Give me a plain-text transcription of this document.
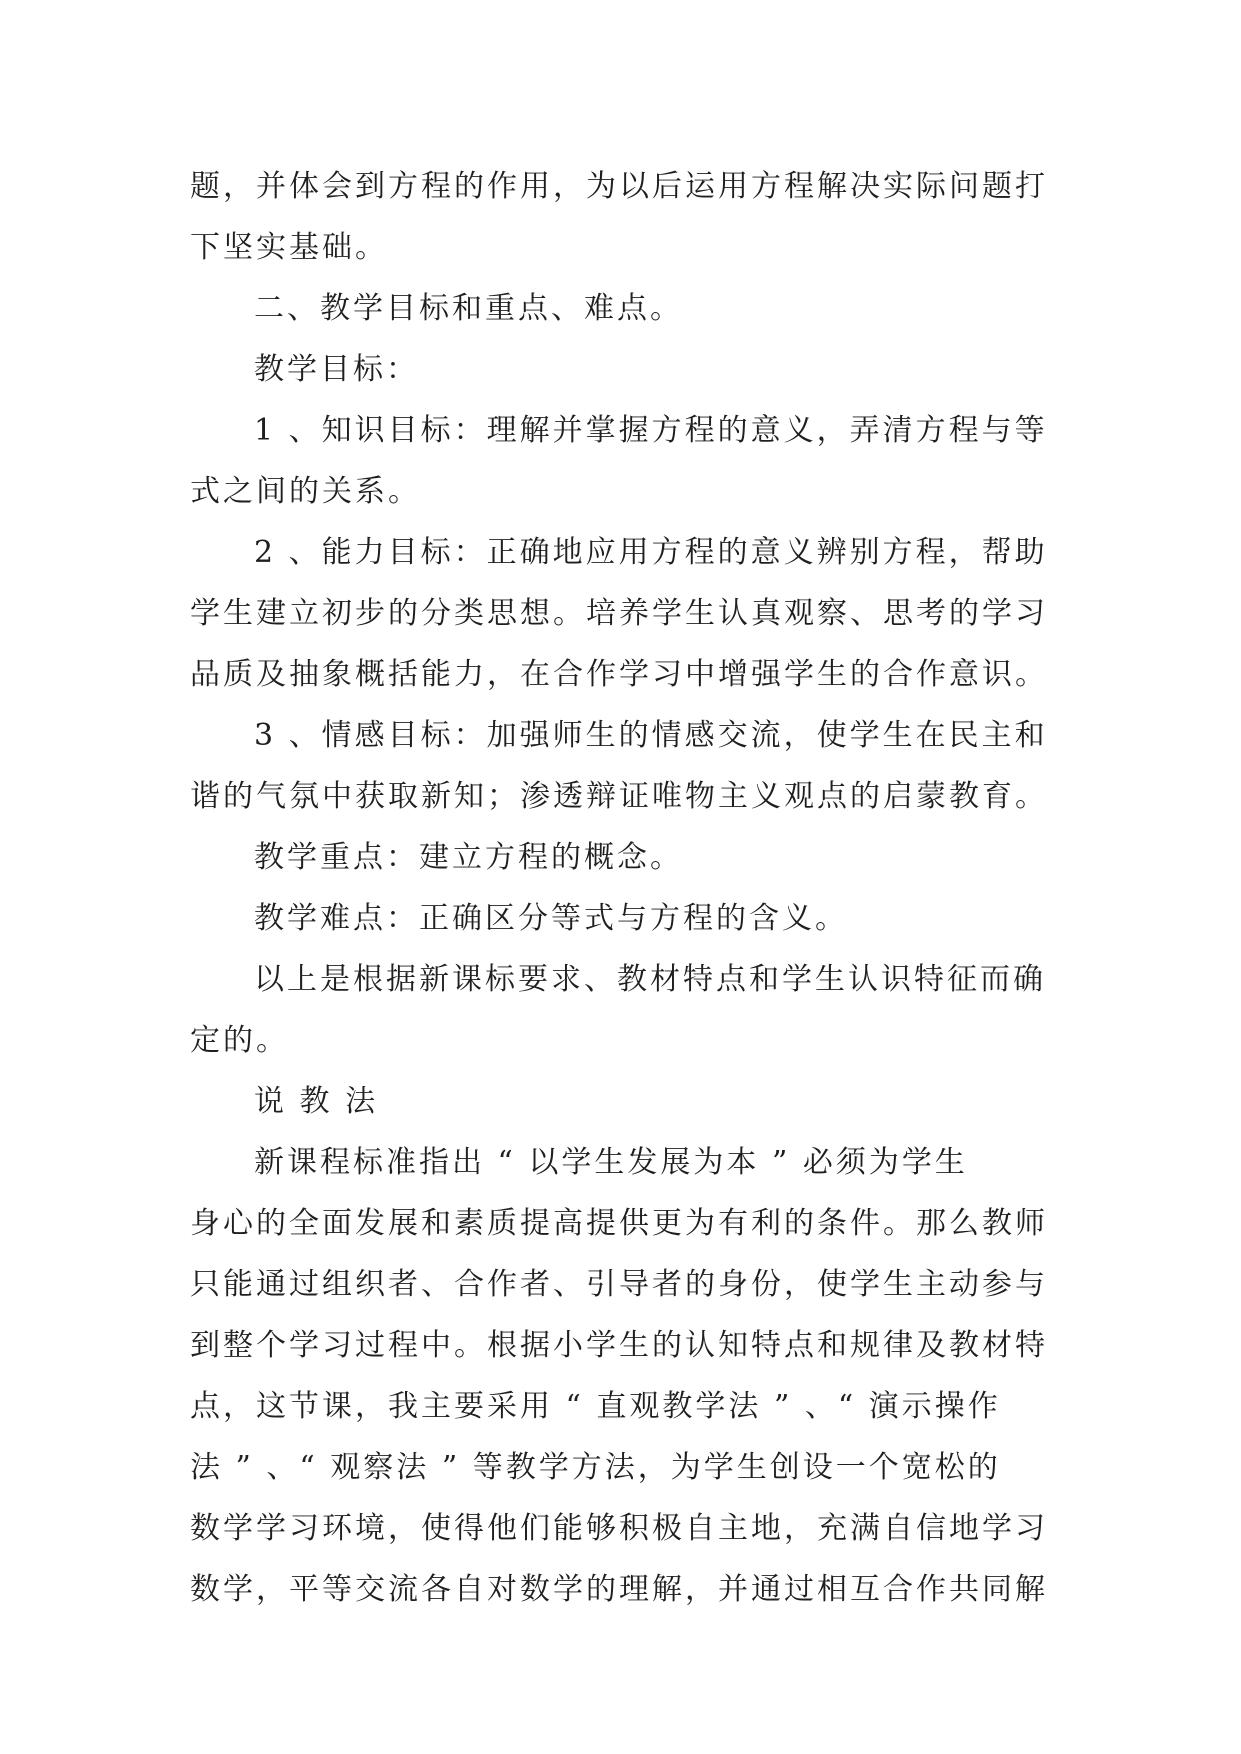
题，并体会到方程的作用，为以后运用方程解决实际问题打
下坚实基础。
二、教学目标和重点、难点。
教学目标：
1 、知识目标：理解并掌握方程的意义，弄清方程与等
式之间的关系。
2 、能力目标：正确地应用方程的意义辨别方程，帮助
学生建立初步的分类思想。培养学生认真观察、思考的学习
品质及抽象概括能力，在合作学习中增强学生的合作意识。
3 、情感目标：加强师生的情感交流，使学生在民主和
谐的气氛中获取新知；渗透辩证唯物主义观点的启蒙教育。
教学重点：建立方程的概念。
教学难点：正确区分等式与方程的含义。
以上是根据新课标要求、教材特点和学生认识特征而确
定的。
说 教 法
新课程标准指出 “ 以学生发展为本 ” 必须为学生
身心的全面发展和素质提高提供更为有利的条件。那么教师
只能通过组织者、合作者、引导者的身份，使学生主动参与
到整个学习过程中。根据小学生的认知特点和规律及教材特
点，这节课，我主要采用 “ 直观教学法 ” 、“ 演示操作
法 ” 、“ 观察法 ” 等教学方法，为学生创设一个宽松的
数学学习环境，使得他们能够积极自主地，充满自信地学习
数学，平等交流各自对数学的理解，并通过相互合作共同解
